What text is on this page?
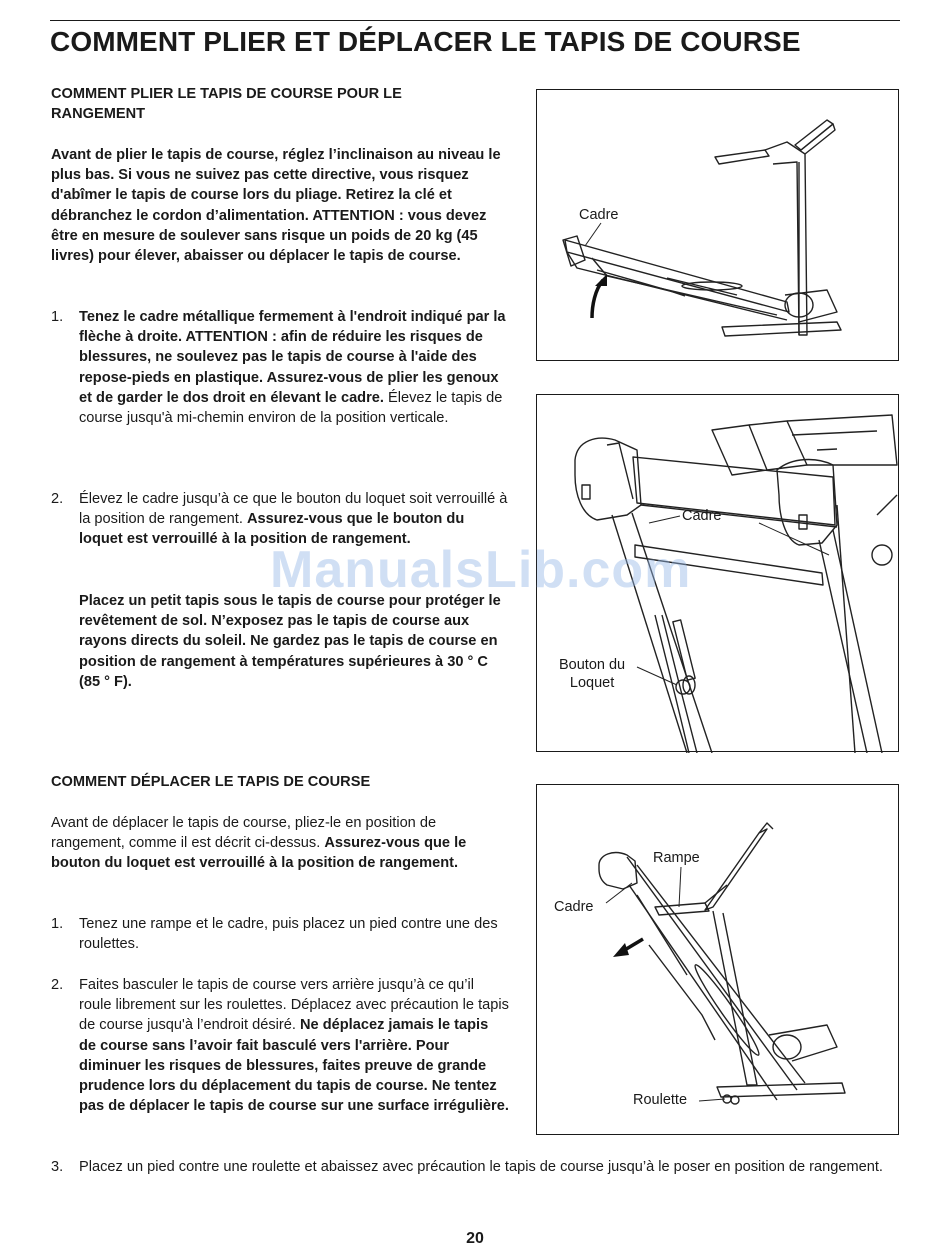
COMMENT PLIER ET DÉPLACER LE TAPIS DE COURSE

COMMENT PLIER LE TAPIS DE COURSE POUR LE RANGEMENT

Avant de plier le tapis de course, réglez l’inclinaison au niveau le plus bas. Si vous ne suivez pas cette directive, vous risquez d'abîmer le tapis de course lors du pliage. Retirez la clé et débranchez le cordon d’alimentation. ATTENTION : vous devez être en mesure de soulever sans risque un poids de 20 kg (45 livres) pour élever, abaisser ou déplacer le tapis de course.

1. Tenez le cadre métallique fermement à l'endroit indiqué par la flèche à droite. ATTENTION : afin de réduire les risques de blessures, ne soulevez pas le tapis de course à l'aide des repose-pieds en plastique. Assurez-vous de plier les genoux et de garder le dos droit en élevant le cadre. Élevez le tapis de course jusqu'à mi-chemin environ de la position verticale.
2. Élevez le cadre jusqu’à ce que le bouton du loquet soit verrouillé à la position de rangement. Assurez-vous que le bouton du loquet est verrouillé à la position de rangement.
Placez un petit tapis sous le tapis de course pour protéger le revêtement de sol. N’exposez pas le tapis de course aux rayons directs du soleil. Ne gardez pas le tapis de course en position de rangement à températures supérieures à 30 ° C (85 ° F).

COMMENT DÉPLACER LE TAPIS DE COURSE

Avant de déplacer le tapis de course, pliez-le en position de rangement, comme il est décrit ci-dessus. Assurez-vous que le bouton du loquet est verrouillé à la position de rangement.

1. Tenez une rampe et le cadre, puis placez un pied contre une des roulettes.
2. Faites basculer le tapis de course vers arrière jusqu’à ce qu’il roule librement sur les roulettes. Déplacez avec précaution le tapis de course jusqu'à l’endroit désiré. Ne déplacez jamais le tapis de course sans l’avoir fait basculé vers l'arrière. Pour diminuer les risques de blessures, faites preuve de grande prudence lors du déplacement du tapis de course. Ne tentez pas de déplacer le tapis de course sur une surface irrégulière.
3. Placez un pied contre une roulette et abaissez avec précaution le tapis de course jusqu’à le poser en position de rangement.
Cadre
Cadre
Bouton du
Loquet
Rampe
Cadre
Roulette
ManualsLib.com
20
